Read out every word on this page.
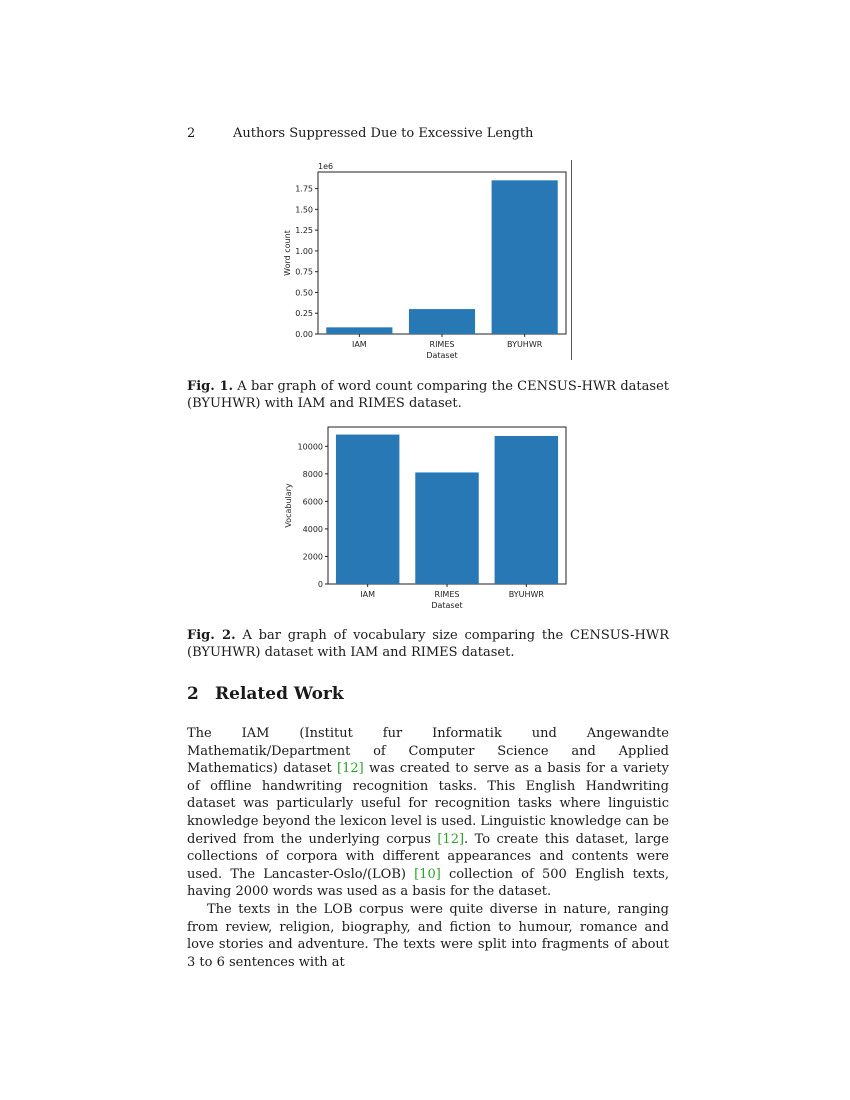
2	Authors Suppressed Due to Excessive Length
IAM	RIMES	BYUHWR
0.00
0.25
0.50
0.75
1.00
1.25
1.50
1.75
Dataset
Word count
1e6
Fig. 1. A bar graph of word count comparing the CENSUS-HWR dataset (BYUHWR) with IAM and RIMES dataset.
IAM	RIMES	BYUHWR
0
2000
4000
6000
8000
10000
Dataset
Vocabulary
Fig. 2. A bar graph of vocabulary size comparing the CENSUS-HWR (BYUHWR) dataset with IAM and RIMES dataset.
2 Related Work

The IAM (Institut fur Informatik und Angewandte Mathematik/Department of Computer Science and Applied Mathematics) dataset [12] was created to serve as a basis for a variety of offline handwriting recognition tasks. This English Handwriting dataset was particularly useful for recognition tasks where linguistic knowledge beyond the lexicon level is used. Linguistic knowledge can be derived from the underlying corpus [12]. To create this dataset, large collections of corpora with different appearances and contents were used. The Lancaster-Oslo/(LOB) [10] collection of 500 English texts, having 2000 words was used as a basis for the dataset.

The texts in the LOB corpus were quite diverse in nature, ranging from review, religion, biography, and fiction to humour, romance and love stories and adventure. The texts were split into fragments of about 3 to 6 sentences with at
